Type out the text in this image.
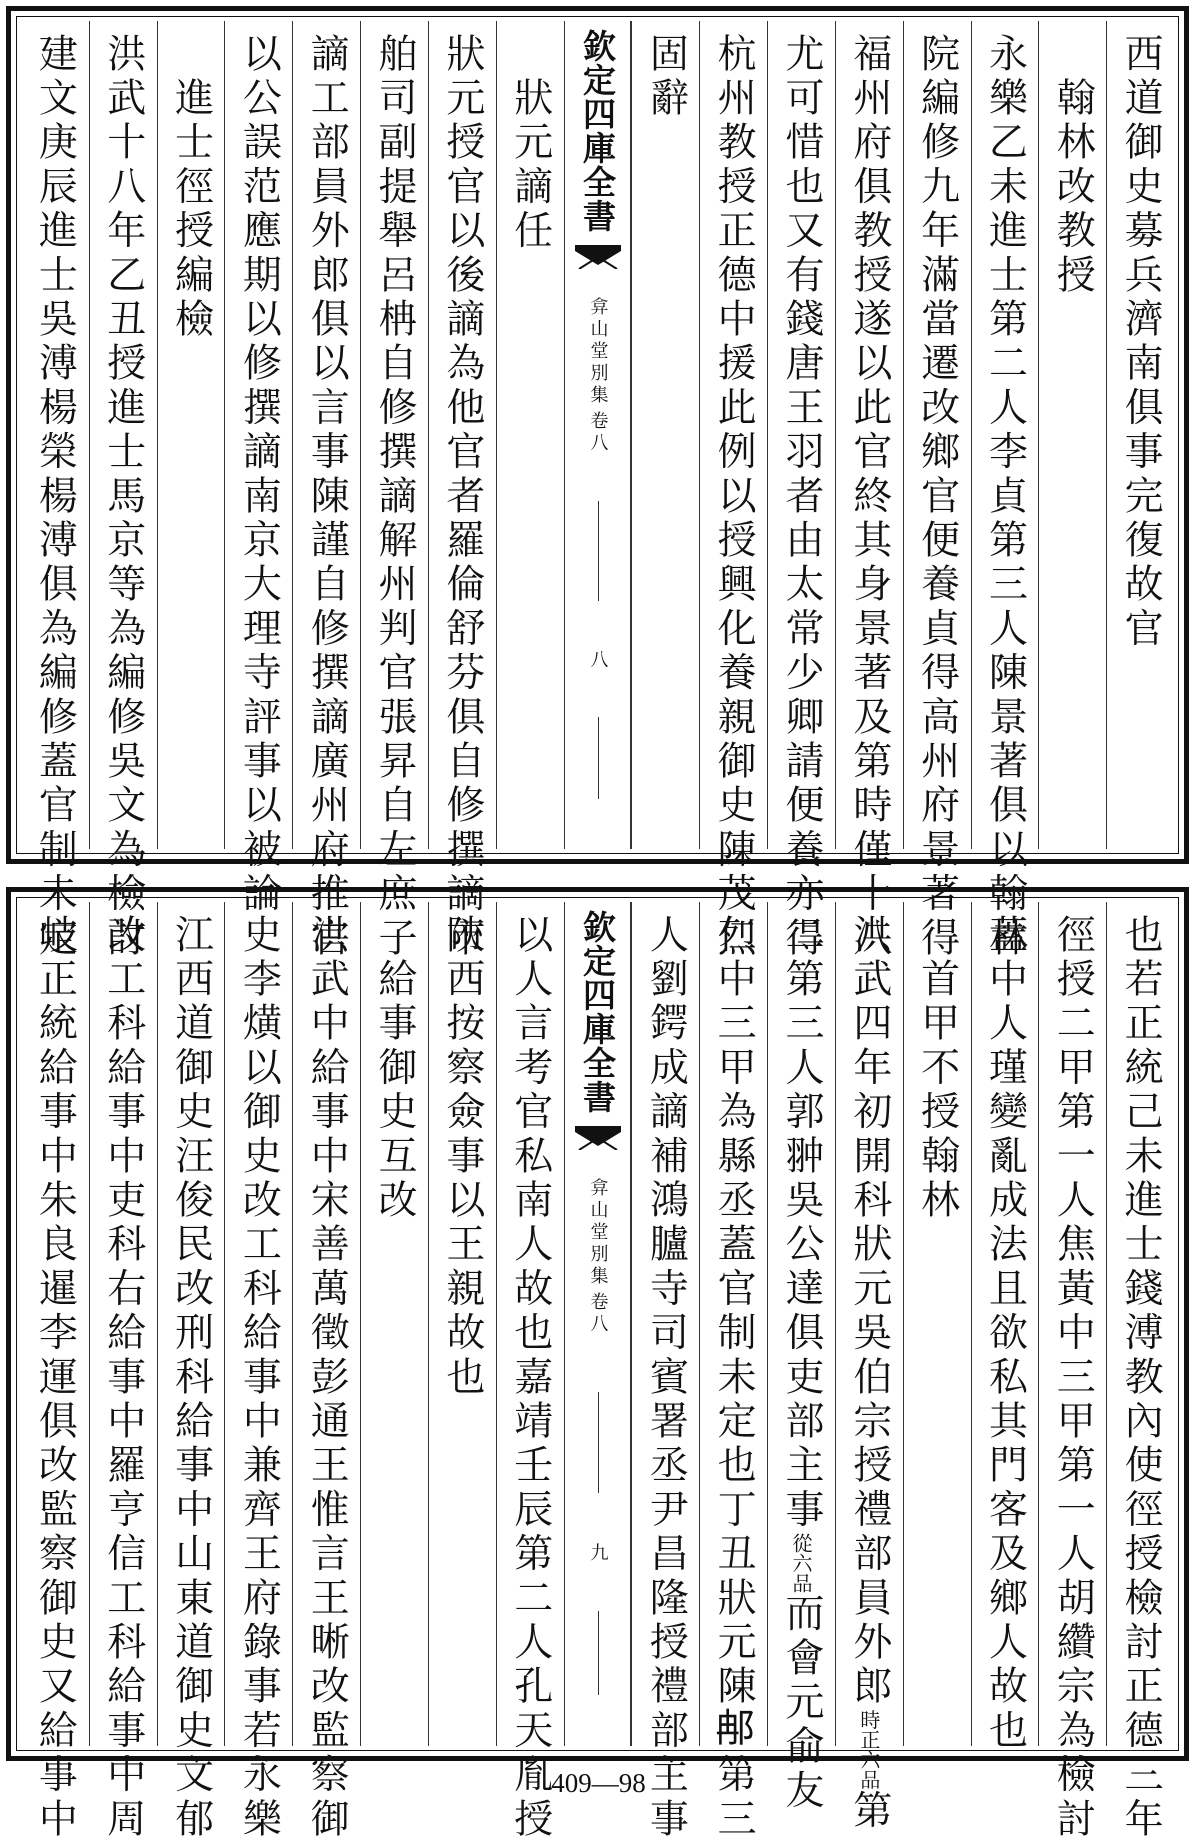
西道御史募兵濟南俱事完復故官
　翰林改教授
永樂乙未進士第二人李貞第三人陳景著俱以翰林
院編修九年滿當遷改鄉官便養貞得高州府景著得
福州府俱教授遂以此官終其身景著及第時僅十八
尤可惜也又有錢唐王羽者由太常少卿請便養亦得
杭州教授正德中援此例以授興化養親御史陳茂烈
固辭
欽定四庫全書
弇山堂別集
卷八
八
　狀元謫任
狀元授官以後謫為他官者羅倫舒芬俱自修撰謫市
舶司副提舉呂柟自修撰謫解州判官張昇自左庶子
謫工部員外郎俱以言事陳謹自修撰謫廣州府推官
以公誤范應期以修撰謫南京大理寺評事以被論
　進士徑授編檢
洪武十八年乙丑授進士馬京等為編修吳文為檢討
建文庚辰進士吳溥楊榮楊溥俱為編修蓋官制未定
也若正統己未進士錢溥教內使徑授檢討正德三年
徑授二甲第一人焦黃中三甲第一人胡纘宗為檢討
蓋中人瑾變亂成法且欲私其門客及鄉人故也
　首甲不授翰林
洪武四年初開科狀元吳伯宗授禮部員外郎時正六品第
二第三人郭翀吳公達俱吏部主事從六品而會元俞友
仁中三甲為縣丞蓋官制未定也丁丑狀元陳𨚗第三
人劉鍔成謫補鴻臚寺司賓署丞尹昌隆授禮部主事
欽定四庫全書
弇山堂別集
卷八
九
以人言考官私南人故也嘉靖壬辰第二人孔天胤授
陝西按察僉事以王親故也
　給事御史互改
洪武中給事中宋善萬徵彭通王惟言王晰改監察御
史李熿以御史改工科給事中兼齊王府錄事若永樂
江西道御史汪俊民改刑科給事中山東道御史文郁
改工科給事中吏科右給事中羅亨信工科給事中周
岐正統給事中朱良暹李運俱改監察御史又給事中	409—98
